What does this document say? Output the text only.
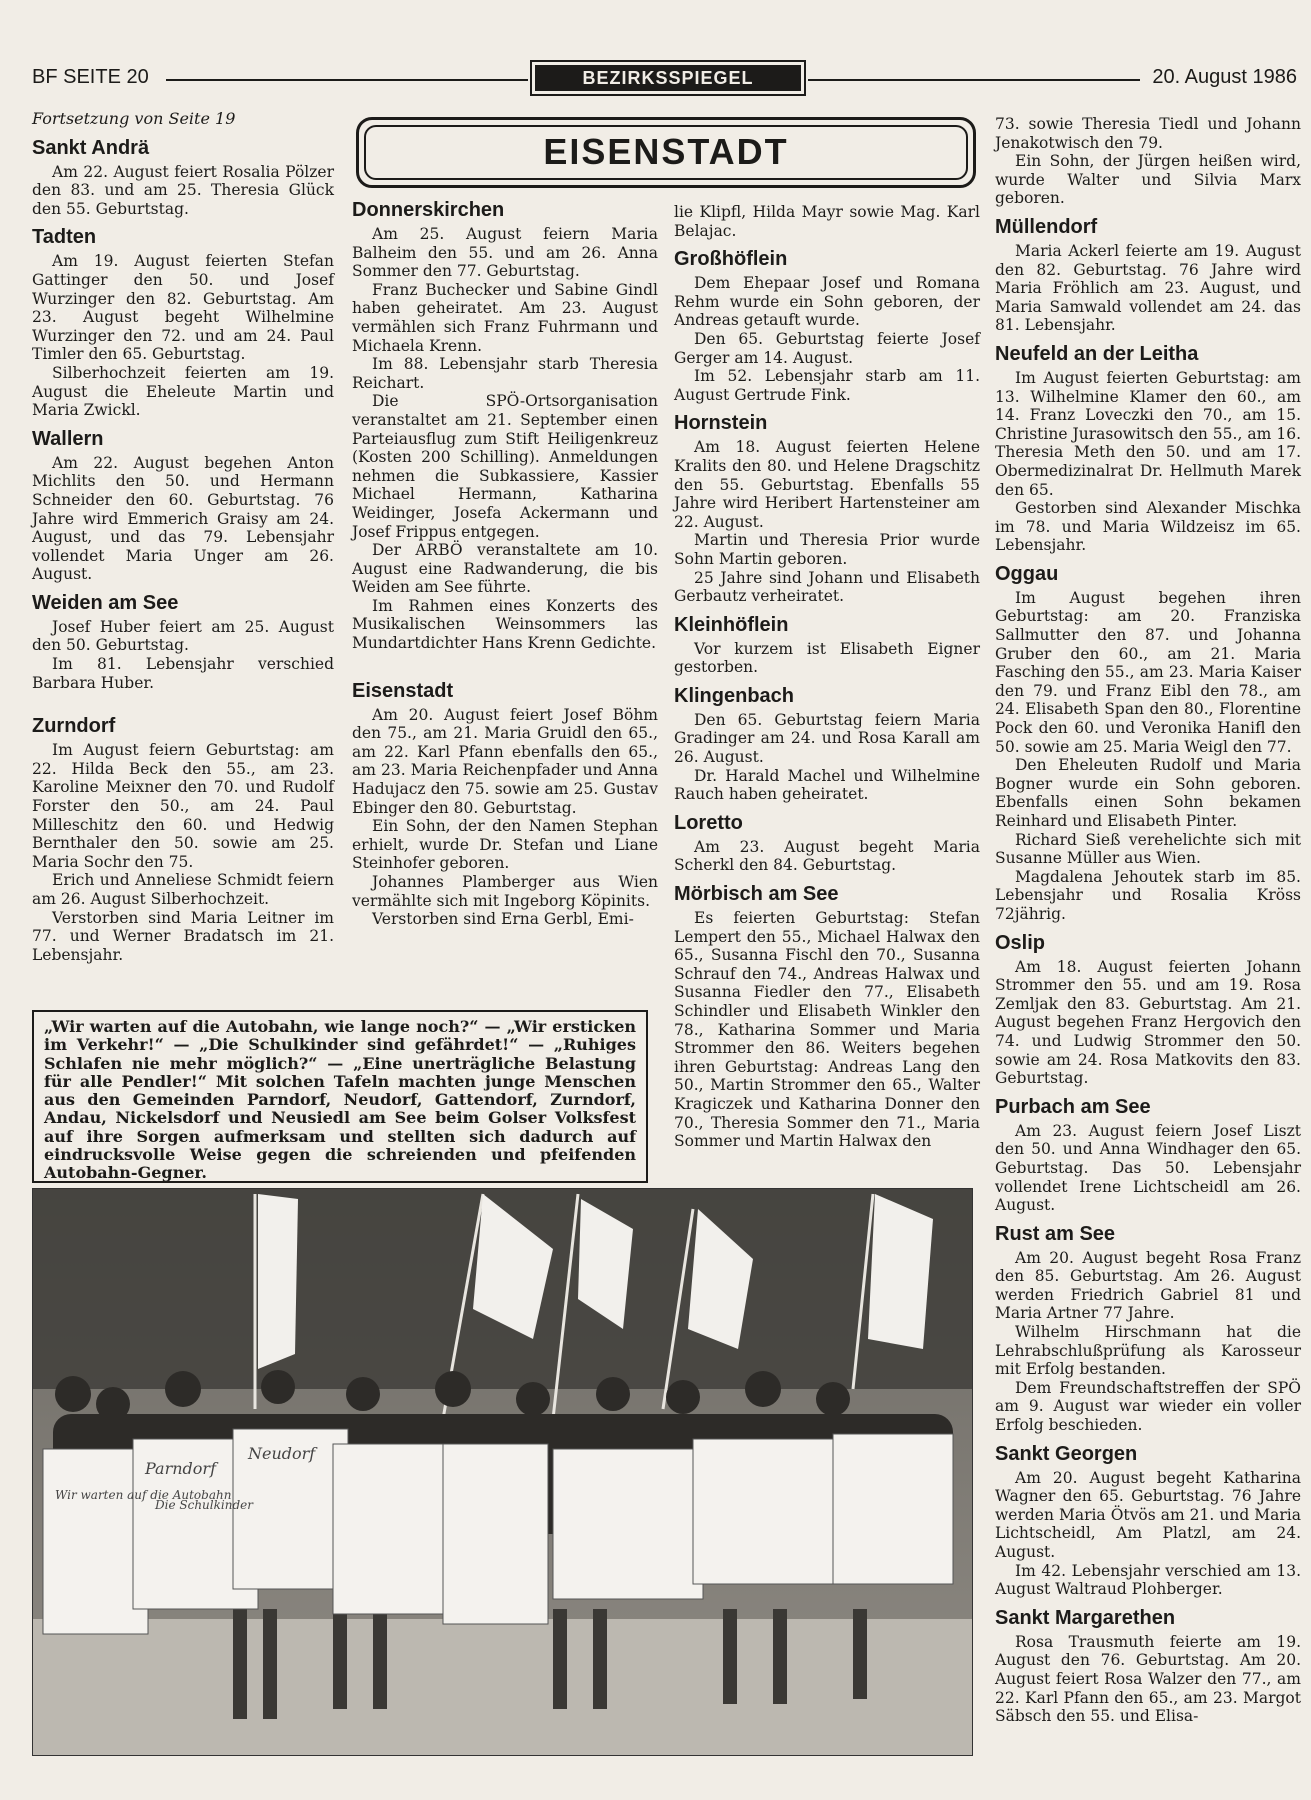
BF SEITE 20	BEZIRKSSPIEGEL	20. August 1986
EISENSTADT
Fortsetzung von Seite 19
Sankt Andrä

Am 22. August feiert Rosalia Pölzer den 83. und am 25. Theresia Glück den 55. Geburtstag.

Tadten

Am 19. August feierten Stefan Gattinger den 50. und Josef Wurzinger den 82. Geburtstag. Am 23. August begeht Wilhelmine Wurzinger den 72. und am 24. Paul Timler den 65. Geburtstag.

Silberhochzeit feierten am 19. August die Eheleute Martin und Maria Zwickl.

Wallern

Am 22. August begehen Anton Michlits den 50. und Hermann Schneider den 60. Geburtstag. 76 Jahre wird Emmerich Graisy am 24. August, und das 79. Lebensjahr vollendet Maria Unger am 26. August.

Weiden am See

Josef Huber feiert am 25. August den 50. Geburtstag.

Im 81. Lebensjahr verschied Barbara Huber.

Zurndorf

Im August feiern Geburtstag: am 22. Hilda Beck den 55., am 23. Karoline Meixner den 70. und Rudolf Forster den 50., am 24. Paul Milleschitz den 60. und Hedwig Bernthaler den 50. sowie am 25. Maria Sochr den 75.

Erich und Anneliese Schmidt feiern am 26. August Silberhochzeit.

Verstorben sind Maria Leitner im 77. und Werner Bradatsch im 21. Lebensjahr.

Donnerskirchen

Am 25. August feiern Maria Balheim den 55. und am 26. Anna Sommer den 77. Geburtstag.

Franz Buchecker und Sabine Gindl haben geheiratet. Am 23. August vermählen sich Franz Fuhrmann und Michaela Krenn.

Im 88. Lebensjahr starb Theresia Reichart.

Die SPÖ-Ortsorganisation veranstaltet am 21. September einen Parteiausflug zum Stift Heiligenkreuz (Kosten 200 Schilling). Anmeldungen nehmen die Subkassiere, Kassier Michael Hermann, Katharina Weidinger, Josefa Ackermann und Josef Frippus entgegen.

Der ARBÖ veranstaltete am 10. August eine Radwanderung, die bis Weiden am See führte.

Im Rahmen eines Konzerts des Musikalischen Weinsommers las Mundartdichter Hans Krenn Gedichte.

Eisenstadt

Am 20. August feiert Josef Böhm den 75., am 21. Maria Gruidl den 65., am 22. Karl Pfann ebenfalls den 65., am 23. Maria Reichenpfader und Anna Hadujacz den 75. sowie am 25. Gustav Ebinger den 80. Geburtstag.

Ein Sohn, der den Namen Stephan erhielt, wurde Dr. Stefan und Liane Steinhofer geboren.

Johannes Plamberger aus Wien vermählte sich mit Ingeborg Köpinits.

Verstorben sind Erna Gerbl, Emi-

lie Klipfl, Hilda Mayr sowie Mag. Karl Belajac.

Großhöflein

Dem Ehepaar Josef und Romana Rehm wurde ein Sohn geboren, der Andreas getauft wurde.

Den 65. Geburtstag feierte Josef Gerger am 14. August.

Im 52. Lebensjahr starb am 11. August Gertrude Fink.

Hornstein

Am 18. August feierten Helene Kralits den 80. und Helene Dragschitz den 55. Geburtstag. Ebenfalls 55 Jahre wird Heribert Hartensteiner am 22. August.

Martin und Theresia Prior wurde Sohn Martin geboren.

25 Jahre sind Johann und Elisabeth Gerbautz verheiratet.

Kleinhöflein

Vor kurzem ist Elisabeth Eigner gestorben.

Klingenbach

Den 65. Geburtstag feiern Maria Gradinger am 24. und Rosa Karall am 26. August.

Dr. Harald Machel und Wilhelmine Rauch haben geheiratet.

Loretto

Am 23. August begeht Maria Scherkl den 84. Geburtstag.

Mörbisch am See

Es feierten Geburtstag: Stefan Lempert den 55., Michael Halwax den 65., Susanna Fischl den 70., Susanna Schrauf den 74., Andreas Halwax und Susanna Fiedler den 77., Elisabeth Schindler und Elisabeth Winkler den 78., Katharina Sommer und Maria Strommer den 86. Weiters begehen ihren Geburtstag: Andreas Lang den 50., Martin Strommer den 65., Walter Kragiczek und Katharina Donner den 70., Theresia Sommer den 71., Maria Sommer und Martin Halwax den

73. sowie Theresia Tiedl und Johann Jenakotwisch den 79.

Ein Sohn, der Jürgen heißen wird, wurde Walter und Silvia Marx geboren.

Müllendorf

Maria Ackerl feierte am 19. August den 82. Geburtstag. 76 Jahre wird Maria Fröhlich am 23. August, und Maria Samwald vollendet am 24. das 81. Lebensjahr.

Neufeld an der Leitha

Im August feierten Geburtstag: am 13. Wilhelmine Klamer den 60., am 14. Franz Loveczki den 70., am 15. Christine Jurasowitsch den 55., am 16. Theresia Meth den 50. und am 17. Obermedizinalrat Dr. Hellmuth Marek den 65.

Gestorben sind Alexander Mischka im 78. und Maria Wildzeisz im 65. Lebensjahr.

Oggau

Im August begehen ihren Geburtstag: am 20. Franziska Sallmutter den 87. und Johanna Gruber den 60., am 21. Maria Fasching den 55., am 23. Maria Kaiser den 79. und Franz Eibl den 78., am 24. Elisabeth Span den 80., Florentine Pock den 60. und Veronika Hanifl den 50. sowie am 25. Maria Weigl den 77.

Den Eheleuten Rudolf und Maria Bogner wurde ein Sohn geboren. Ebenfalls einen Sohn bekamen Reinhard und Elisabeth Pinter.

Richard Sieß verehelichte sich mit Susanne Müller aus Wien.

Magdalena Jehoutek starb im 85. Lebensjahr und Rosalia Kröss 72jährig.

Oslip

Am 18. August feierten Johann Strommer den 55. und am 19. Rosa Zemljak den 83. Geburtstag. Am 21. August begehen Franz Hergovich den 74. und Ludwig Strommer den 50. sowie am 24. Rosa Matkovits den 83. Geburtstag.

Purbach am See

Am 23. August feiern Josef Liszt den 50. und Anna Windhager den 65. Geburtstag. Das 50. Lebensjahr vollendet Irene Lichtscheidl am 26. August.

Rust am See

Am 20. August begeht Rosa Franz den 85. Geburtstag. Am 26. August werden Friedrich Gabriel 81 und Maria Artner 77 Jahre.

Wilhelm Hirschmann hat die Lehrabschlußprüfung als Karosseur mit Erfolg bestanden.

Dem Freundschaftstreffen der SPÖ am 9. August war wieder ein voller Erfolg beschieden.

Sankt Georgen

Am 20. August begeht Katharina Wagner den 65. Geburtstag. 76 Jahre werden Maria Ötvös am 21. und Maria Lichtscheidl, Am Platzl, am 24. August.

Im 42. Lebensjahr verschied am 13. August Waltraud Plohberger.

Sankt Margarethen

Rosa Trausmuth feierte am 19. August den 76. Geburtstag. Am 20. August feiert Rosa Walzer den 77., am 22. Karl Pfann den 65., am 23. Margot Säbsch den 55. und Elisa-

„Wir warten auf die Autobahn, wie lange noch?“ — „Wir ersticken im Verkehr!“ — „Die Schulkinder sind gefährdet!“ — „Ruhiges Schlafen nie mehr möglich?“ — „Eine unerträgliche Belastung für alle Pendler!“ Mit solchen Tafeln machten junge Menschen aus den Gemeinden Parndorf, Neudorf, Gattendorf, Zurndorf, Andau, Nickelsdorf und Neusiedl am See beim Golser Volksfest auf ihre Sorgen aufmerksam und stellten sich dadurch auf eindrucksvolle Weise gegen die schreienden und pfeifenden Autobahn-Gegner.
Parndorf
Wir warten auf die Autobahn
Neudorf
Die Schulkinder
